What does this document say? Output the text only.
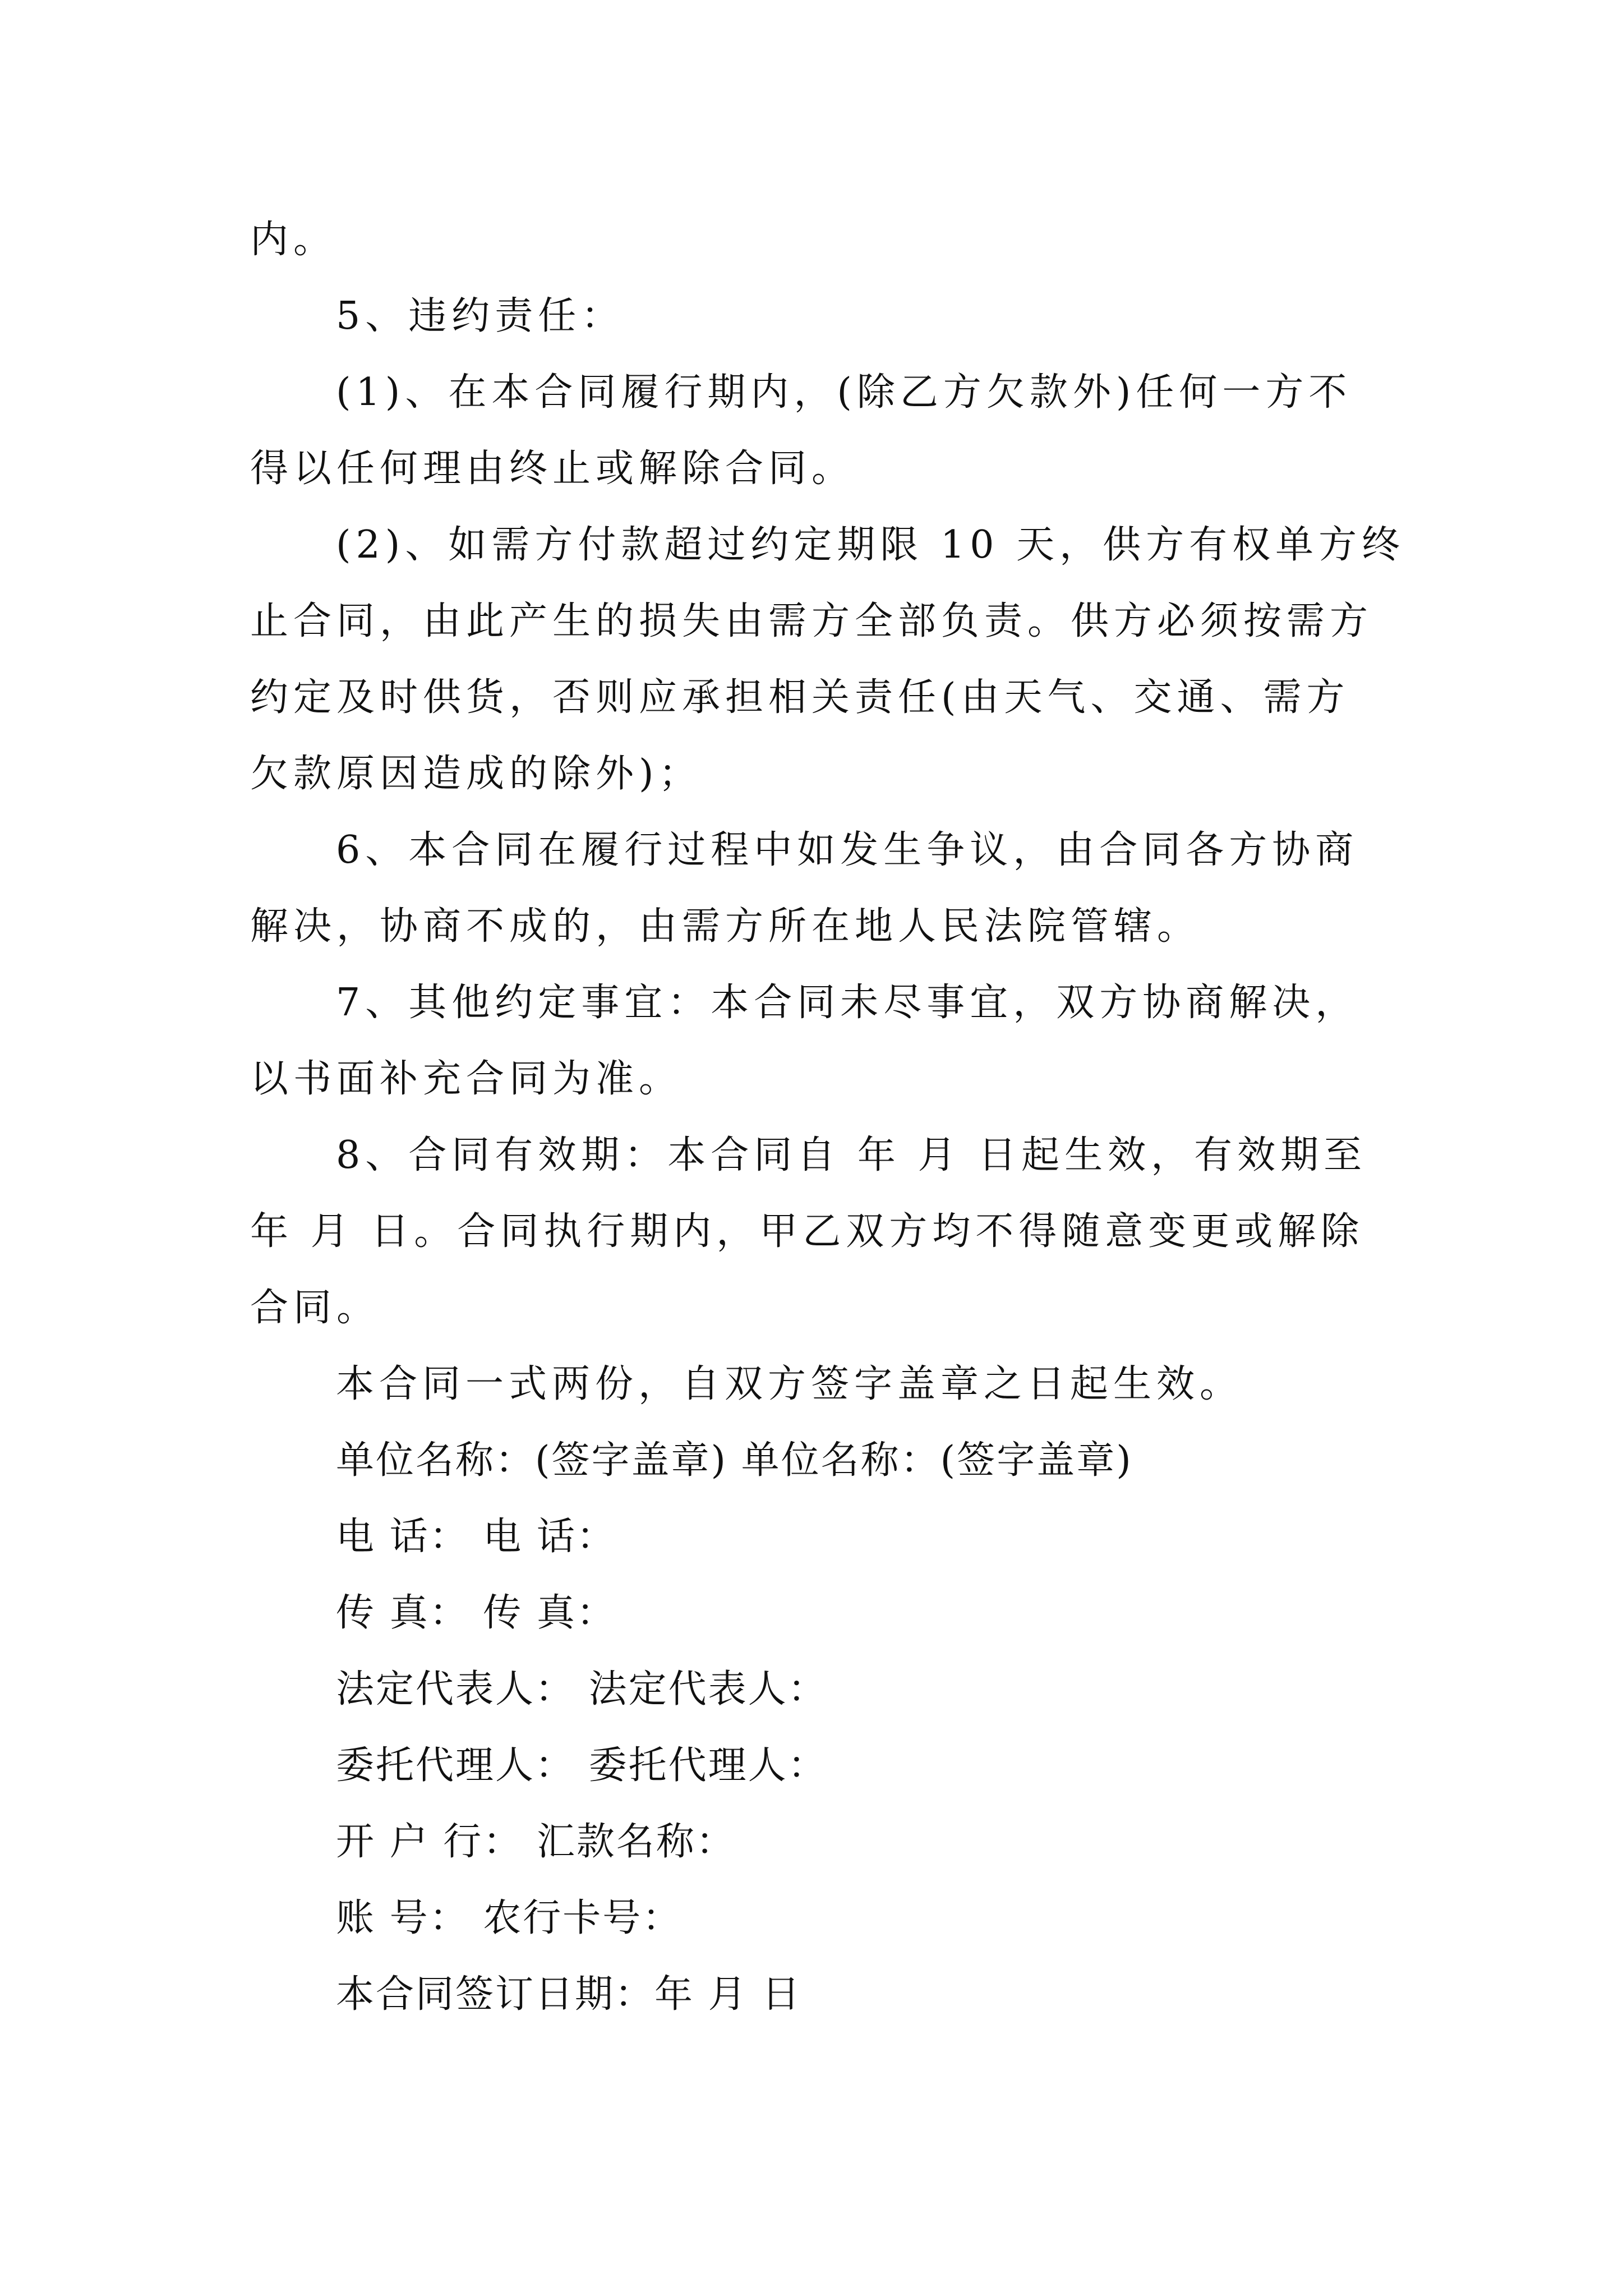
内。
5、违约责任：
(1)、在本合同履行期内，(除乙方欠款外)任何一方不
得以任何理由终止或解除合同。
(2)、如需方付款超过约定期限 10 天，供方有权单方终
止合同，由此产生的损失由需方全部负责。供方必须按需方
约定及时供货，否则应承担相关责任(由天气、交通、需方
欠款原因造成的除外)；
6、本合同在履行过程中如发生争议，由合同各方协商
解决，协商不成的，由需方所在地人民法院管辖。
7、其他约定事宜：本合同未尽事宜，双方协商解决，
以书面补充合同为准。
8、合同有效期：本合同自 年 月 日起生效，有效期至
年 月 日。合同执行期内，甲乙双方均不得随意变更或解除
合同。
本合同一式两份，自双方签字盖章之日起生效。
单位名称：(签字盖章) 单位名称：(签字盖章)
电 话： 电 话：
传 真： 传 真：
法定代表人： 法定代表人：
委托代理人： 委托代理人：
开 户 行： 汇款名称：
账 号： 农行卡号：
本合同签订日期：年 月 日
